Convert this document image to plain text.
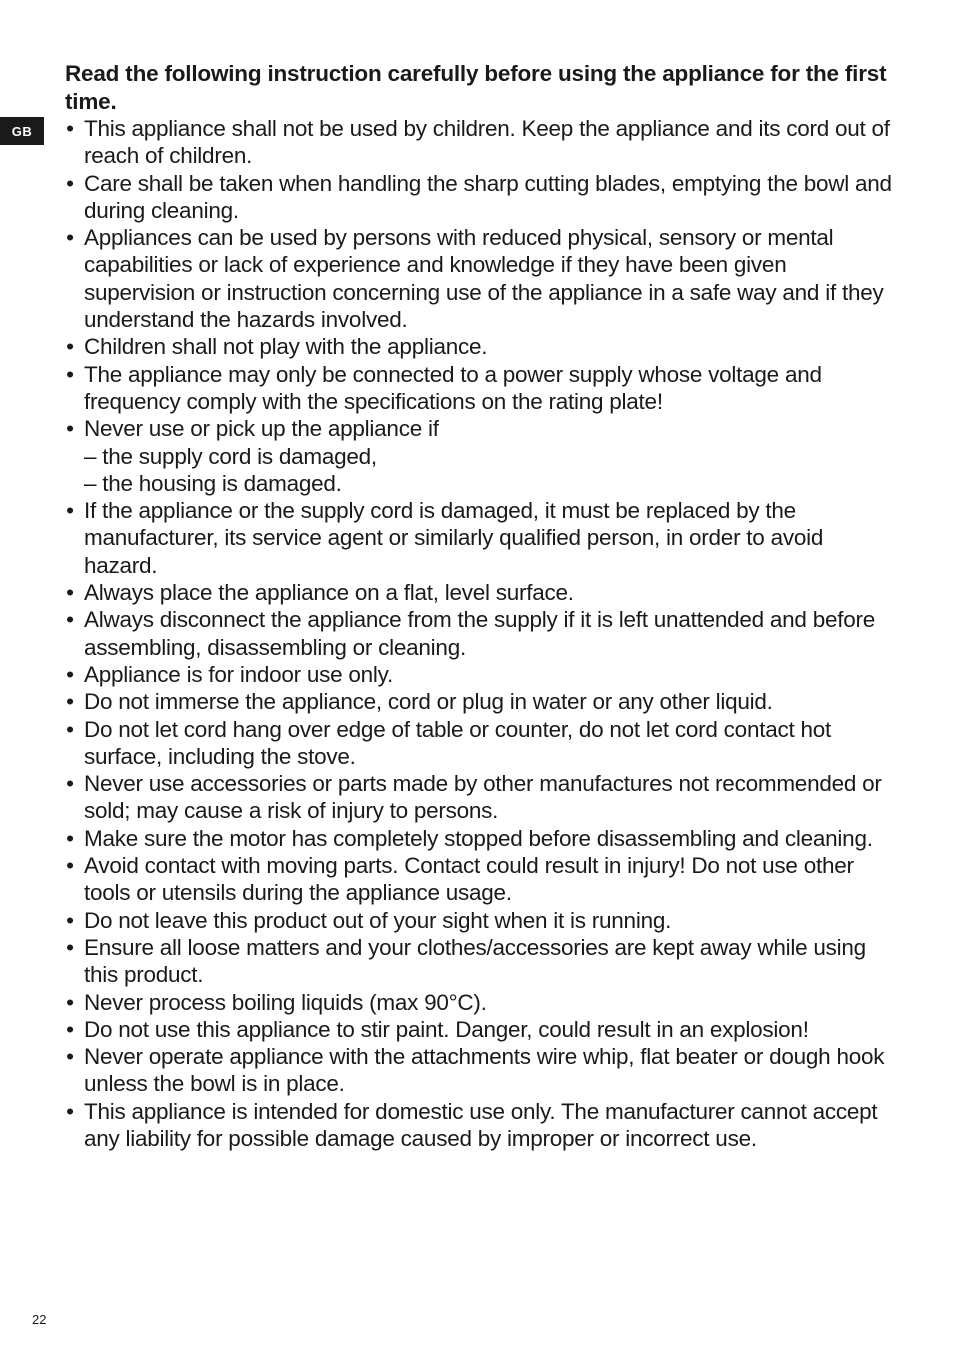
GB
Read the following instruction carefully before using the appliance for the first time.
• This appliance shall not be used by children. Keep the appliance and its cord out of reach of children.
• Care shall be taken when handling the sharp cutting blades, emptying the bowl and during cleaning.
• Appliances can be used by persons with reduced physical, sensory or mental capabilities or lack of experience and knowledge if they have been given supervision or instruction concerning use of the appliance in a safe way and if they understand the hazards involved.
• Children shall not play with the appliance.
• The appliance may only be connected to a power supply whose voltage and frequency comply with the specifications on the rating plate!
• Never use or pick up the appliance if
– the supply cord is damaged,
– the housing is damaged.
• If the appliance or the supply cord is damaged, it must be replaced by the manufacturer, its service agent or similarly qualified person, in order to avoid hazard.
• Always place the appliance on a flat, level surface.
• Always disconnect the appliance from the supply if it is left unattended and before assembling, disassembling or cleaning.
• Appliance is for indoor use only.
• Do not immerse the appliance, cord or plug in water or any other liquid.
• Do not let cord hang over edge of table or counter, do not let cord contact hot surface, including the stove.
• Never use accessories or parts made by other manufactures not recommended or sold; may cause a risk of injury to persons.
• Make sure the motor has completely stopped before disassembling and cleaning.
• Avoid contact with moving parts. Contact could result in injury! Do not use other tools or utensils during the appliance usage.
• Do not leave this product out of your sight when it is running.
• Ensure all loose matters and your clothes/accessories are kept away while using this product.
• Never process boiling liquids (max 90°C).
• Do not use this appliance to stir paint. Danger, could result in an explosion!
• Never operate appliance with the attachments wire whip, flat beater or dough hook unless the bowl is in place.
• This appliance is intended for domestic use only. The manufacturer cannot accept any liability for possible damage caused by improper or incorrect use.
22
